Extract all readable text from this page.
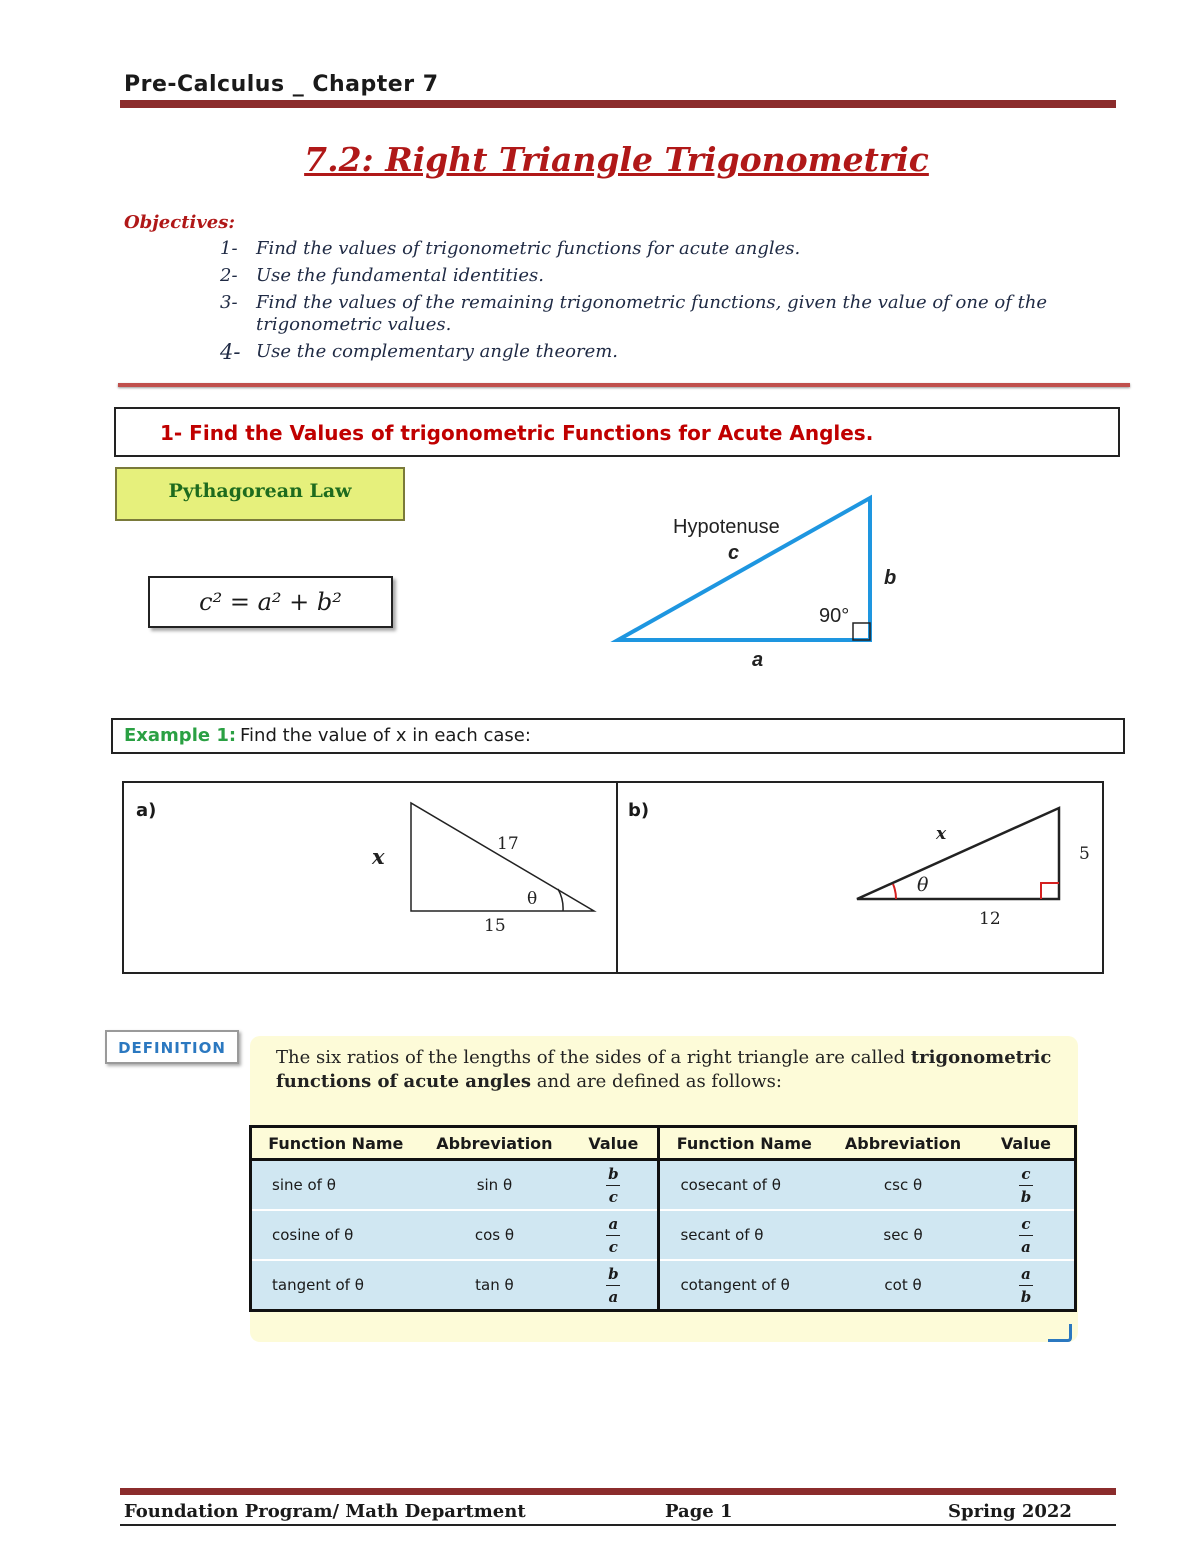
Pre-Calculus _ Chapter 7
7.2: Right Triangle Trigonometric
Objectives:
1-	Find the values of trigonometric functions for acute angles.
2-	Use the fundamental identities.
3-	Find the values of the remaining trigonometric functions, given the value of one of the trigonometric values.
4- Use the complementary angle theorem.
1- Find the Values of trigonometric Functions for Acute Angles.
Pythagorean Law
c² = a² + b²
Hypotenuse
c
b
90°
a
Example 1: Find the value of x in each case:
a)
x	17
θ
15
b)
x
5
θ
12
DEFINITION	The six ratios of the lengths of the sides of a right triangle are called trigonometric functions of acute angles and are defined as follows:
Function Name	Abbreviation	Value	Function Name	Abbreviation	Value
sine of θ	sin θ	$\frac{b}{c}$	cosecant of θ	csc θ	$\frac{c}{b}$

cosine of θ	cos θ	$\frac{a}{c}$	secant of θ	sec θ	$\frac{c}{a}$

tangent of θ	tan θ	$\frac{b}{a}$	cotangent of θ	cot θ	$\frac{a}{b}$
Foundation Program/ Math Department	Page 1	Spring 2022
